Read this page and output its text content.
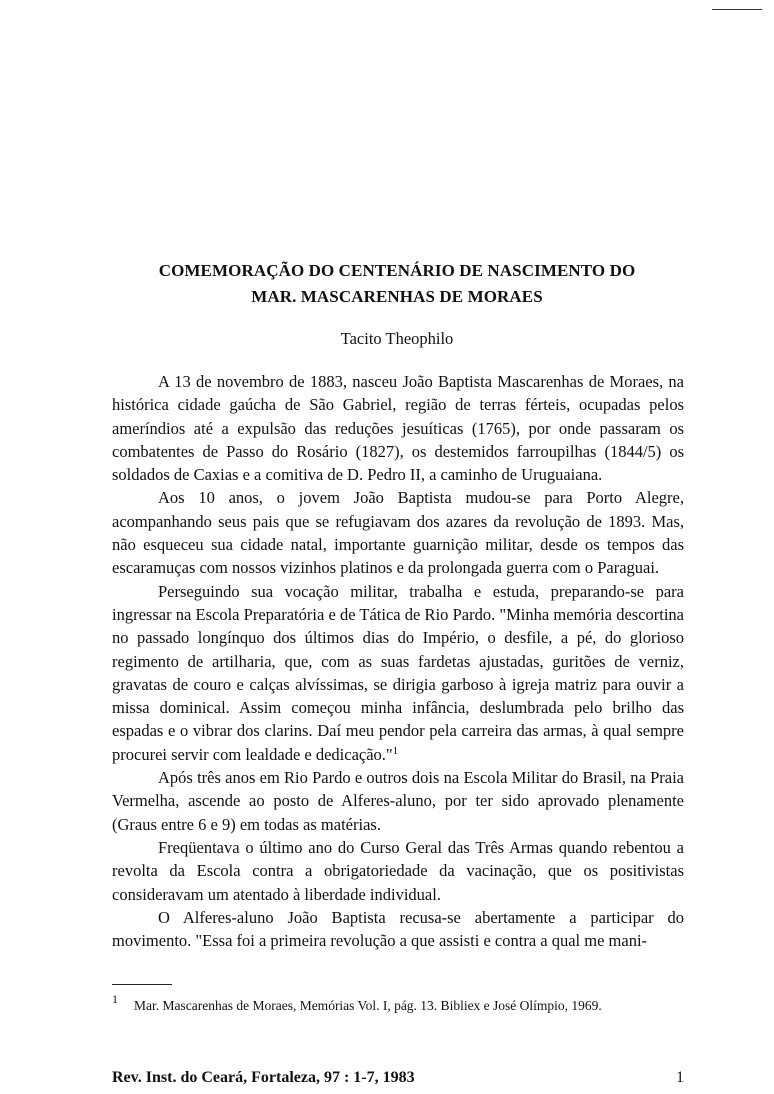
COMEMORAÇÃO DO CENTENÁRIO DE NASCIMENTO DO
MAR. MASCARENHAS DE MORAES
Tacito Theophilo

A 13 de novembro de 1883, nasceu João Baptista Mascarenhas de Moraes, na histórica cidade gaúcha de São Gabriel, região de terras férteis, ocupadas pelos ameríndios até a expulsão das reduções jesuíticas (1765), por onde passaram os combatentes de Passo do Rosário (1827), os destemidos farroupilhas (1844/5) os soldados de Caxias e a comitiva de D. Pedro II, a caminho de Uruguaiana.

Aos 10 anos, o jovem João Baptista mudou-se para Porto Alegre, acompanhando seus pais que se refugiavam dos azares da revolução de 1893. Mas, não esqueceu sua cidade natal, importante guarnição militar, desde os tempos das escaramuças com nossos vizinhos platinos e da prolongada guerra com o Paraguai.

Perseguindo sua vocação militar, trabalha e estuda, preparando-se para ingressar na Escola Preparatória e de Tática de Rio Pardo. "Minha memória descortina no passado longínquo dos últimos dias do Império, o desfile, a pé, do glorioso regimento de artilharia, que, com as suas fardetas ajustadas, guritões de verniz, gravatas de couro e calças alvíssimas, se dirigia garboso à igreja matriz para ouvir a missa dominical. Assim começou minha infância, deslumbrada pelo brilho das espadas e o vibrar dos clarins. Daí meu pendor pela carreira das armas, à qual sempre procurei servir com lealdade e dedicação."$^1$

Após três anos em Rio Pardo e outros dois na Escola Militar do Brasil, na Praia Vermelha, ascende ao posto de Alferes-aluno, por ter sido aprovado plenamente (Graus entre 6 e 9) em todas as matérias.

Freqüentava o último ano do Curso Geral das Três Armas quando rebentou a revolta da Escola contra a obrigatoriedade da vacinação, que os positivistas consideravam um atentado à liberdade individual.

O Alferes-aluno João Baptista recusa-se abertamente a participar do movimento. "Essa foi a primeira revolução a que assisti e contra a qual me mani-

1 Mar. Mascarenhas de Moraes, Memórias Vol. I, pág. 13. Bibliex e José Olímpio, 1969.
Rev. Inst. do Ceará, Fortaleza, 97 : 1-7, 1983	1
